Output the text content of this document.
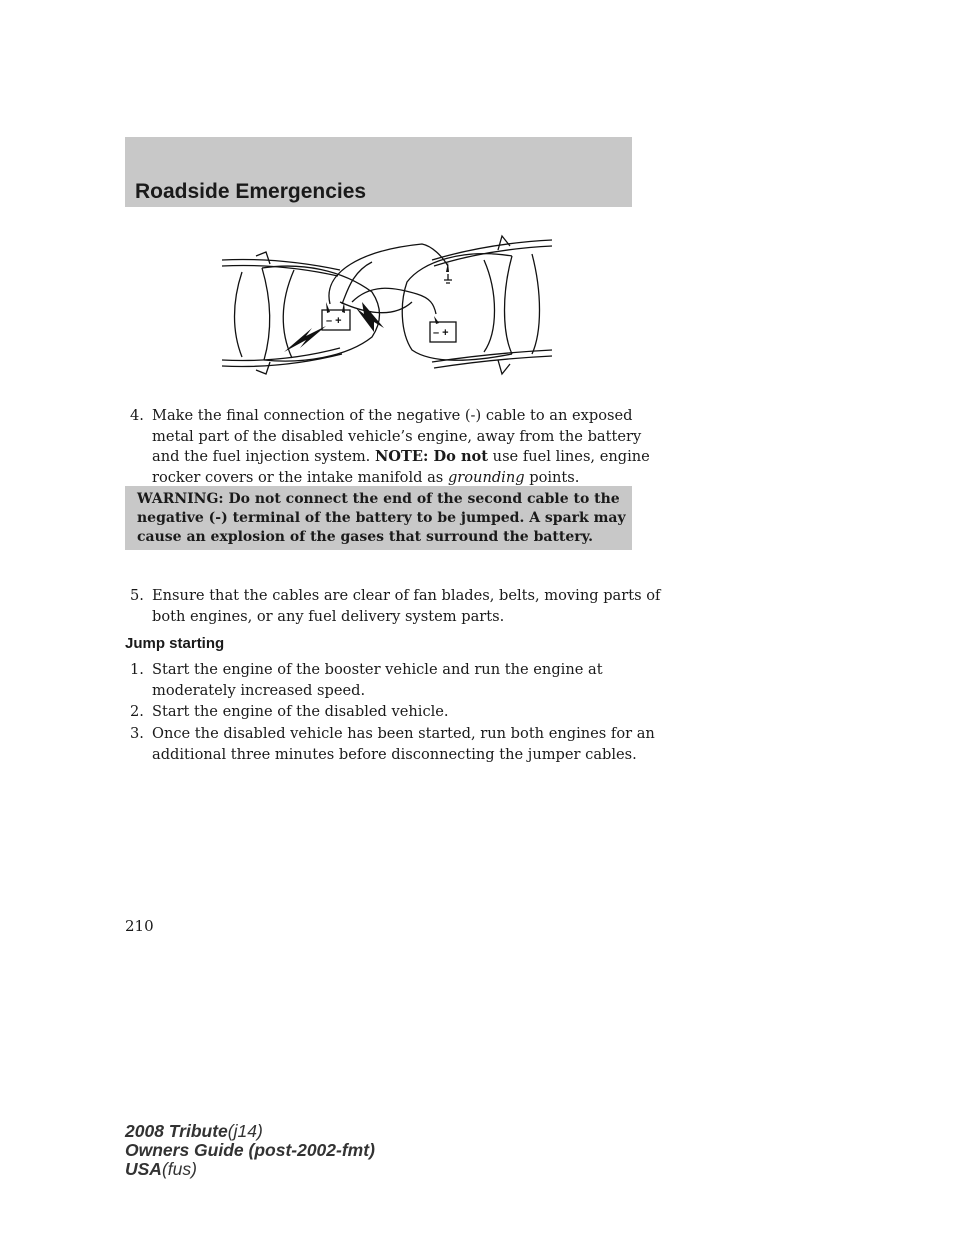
Roadside Emergencies
– +
– +
4. Make the final connection of the negative (-) cable to an exposed metal part of the disabled vehicle’s engine, away from the battery and the fuel injection system. NOTE: Do not use fuel lines, engine rocker covers or the intake manifold as grounding points.

WARNING: Do not connect the end of the second cable to the negative (-) terminal of the battery to be jumped. A spark may cause an explosion of the gases that surround the battery.

5. Ensure that the cables are clear of fan blades, belts, moving parts of both engines, or any fuel delivery system parts.
Jump starting
1. Start the engine of the booster vehicle and run the engine at moderately increased speed.
2. Start the engine of the disabled vehicle.
3. Once the disabled vehicle has been started, run both engines for an additional three minutes before disconnecting the jumper cables.
210
2008 Tribute(j14)
Owners Guide (post-2002-fmt)
USA(fus)
